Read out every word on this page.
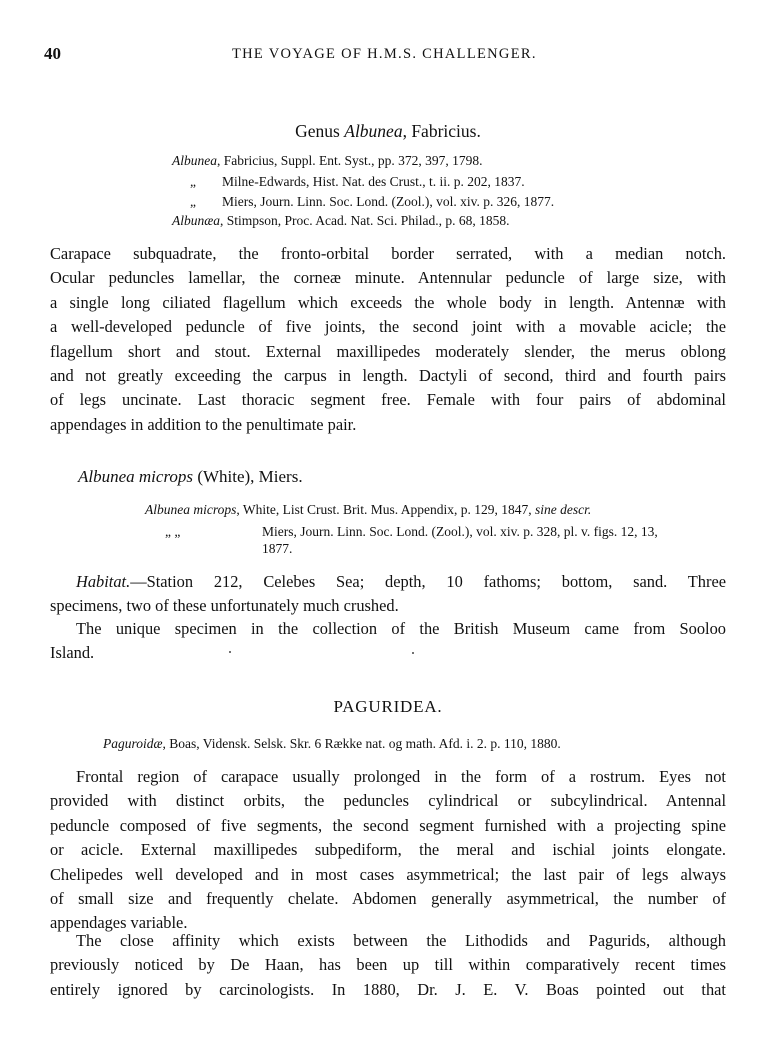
40	THE VOYAGE OF H.M.S. CHALLENGER.
Genus Albunea, Fabricius.
Albunea, Fabricius, Suppl. Ent. Syst., pp. 372, 397, 1798.
„ Milne-Edwards, Hist. Nat. des Crust., t. ii. p. 202, 1837.
„ Miers, Journ. Linn. Soc. Lond. (Zool.), vol. xiv. p. 326, 1877.
Albunæa, Stimpson, Proc. Acad. Nat. Sci. Philad., p. 68, 1858.
Carapace subquadrate, the fronto-orbital border serrated, with a median notch.
Ocular peduncles lamellar, the corneæ minute. Antennular peduncle of large size, with
a single long ciliated flagellum which exceeds the whole body in length. Antennæ with
a well-developed peduncle of five joints, the second joint with a movable acicle; the
flagellum short and stout. External maxillipedes moderately slender, the merus oblong
and not greatly exceeding the carpus in length. Dactyli of second, third and fourth pairs
of legs uncinate. Last thoracic segment free. Female with four pairs of abdominal
appendages in addition to the penultimate pair.
Albunea microps (White), Miers.
Albunea microps, White, List Crust. Brit. Mus. Appendix, p. 129, 1847, sine descr.
„ „	Miers, Journ. Linn. Soc. Lond. (Zool.), vol. xiv. p. 328, pl. v. figs. 12, 13,
1877.
Habitat.—Station 212, Celebes Sea; depth, 10 fathoms; bottom, sand. Three
specimens, two of these unfortunately much crushed.
The unique specimen in the collection of the British Museum came from Sooloo
Island.
PAGURIDEA.
Paguroidæ, Boas, Vidensk. Selsk. Skr. 6 Række nat. og math. Afd. i. 2. p. 110, 1880.
Frontal region of carapace usually prolonged in the form of a rostrum. Eyes not
provided with distinct orbits, the peduncles cylindrical or subcylindrical. Antennal
peduncle composed of five segments, the second segment furnished with a projecting spine
or acicle. External maxillipedes subpediform, the meral and ischial joints elongate.
Chelipedes well developed and in most cases asymmetrical; the last pair of legs always
of small size and frequently chelate. Abdomen generally asymmetrical, the number of
appendages variable.
The close affinity which exists between the Lithodids and Pagurids, although
previously noticed by De Haan, has been up till within comparatively recent times
entirely ignored by carcinologists. In 1880, Dr. J. E. V. Boas pointed out that
